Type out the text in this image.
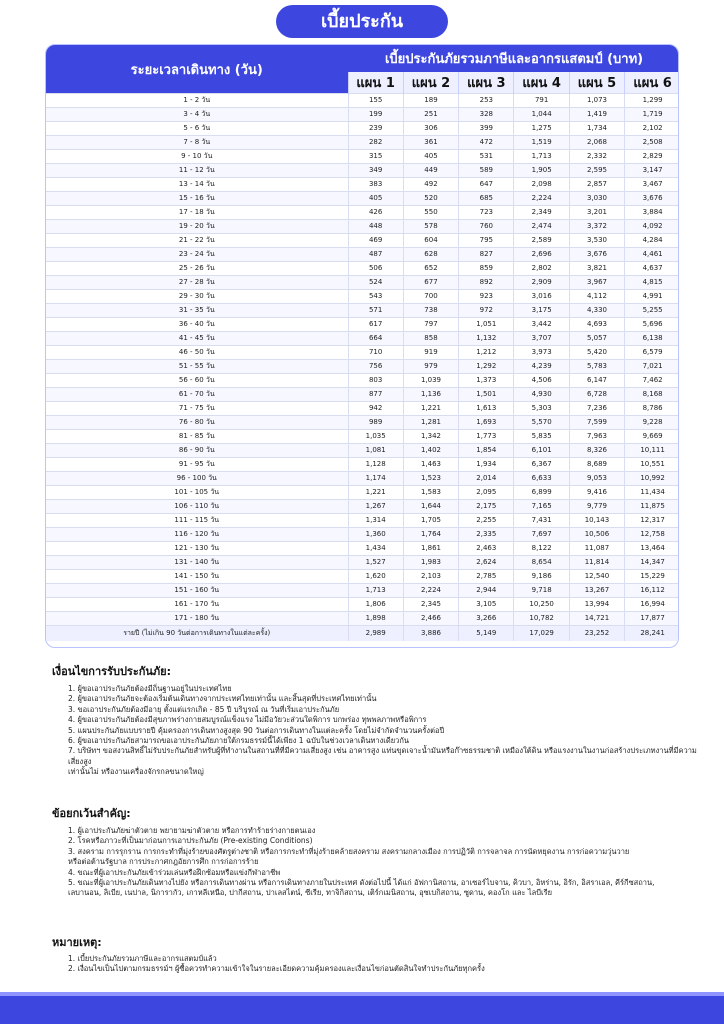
เบี้ยประกัน
ระยะเวลาเดินทาง (วัน)	เบี้ยประกันภัยรวมภาษีและอากรแสตมป์ (บาท)					
	แผน 1	แผน 2	แผน 3	แผน 4	แผน 5	แผน 6
1 - 2 วัน	155	189	253	791	1,073	1,299
3 - 4 วัน	199	251	328	1,044	1,419	1,719
5 - 6 วัน	239	306	399	1,275	1,734	2,102
7 - 8 วัน	282	361	472	1,519	2,068	2,508
9 - 10 วัน	315	405	531	1,713	2,332	2,829
11 - 12 วัน	349	449	589	1,905	2,595	3,147
13 - 14 วัน	383	492	647	2,098	2,857	3,467
15 - 16 วัน	405	520	685	2,224	3,030	3,676
17 - 18 วัน	426	550	723	2,349	3,201	3,884
19 - 20 วัน	448	578	760	2,474	3,372	4,092
21 - 22 วัน	469	604	795	2,589	3,530	4,284
23 - 24 วัน	487	628	827	2,696	3,676	4,461
25 - 26 วัน	506	652	859	2,802	3,821	4,637
27 - 28 วัน	524	677	892	2,909	3,967	4,815
29 - 30 วัน	543	700	923	3,016	4,112	4,991
31 - 35 วัน	571	738	972	3,175	4,330	5,255
36 - 40 วัน	617	797	1,051	3,442	4,693	5,696
41 - 45 วัน	664	858	1,132	3,707	5,057	6,138
46 - 50 วัน	710	919	1,212	3,973	5,420	6,579
51 - 55 วัน	756	979	1,292	4,239	5,783	7,021
56 - 60 วัน	803	1,039	1,373	4,506	6,147	7,462
61 - 70 วัน	877	1,136	1,501	4,930	6,728	8,168
71 - 75 วัน	942	1,221	1,613	5,303	7,236	8,786
76 - 80 วัน	989	1,281	1,693	5,570	7,599	9,228
81 - 85 วัน	1,035	1,342	1,773	5,835	7,963	9,669
86 - 90 วัน	1,081	1,402	1,854	6,101	8,326	10,111
91 - 95 วัน	1,128	1,463	1,934	6,367	8,689	10,551
96 - 100 วัน	1,174	1,523	2,014	6,633	9,053	10,992
101 - 105 วัน	1,221	1,583	2,095	6,899	9,416	11,434
106 - 110 วัน	1,267	1,644	2,175	7,165	9,779	11,875
111 - 115 วัน	1,314	1,705	2,255	7,431	10,143	12,317
116 - 120 วัน	1,360	1,764	2,335	7,697	10,506	12,758
121 - 130 วัน	1,434	1,861	2,463	8,122	11,087	13,464
131 - 140 วัน	1,527	1,983	2,624	8,654	11,814	14,347
141 - 150 วัน	1,620	2,103	2,785	9,186	12,540	15,229
151 - 160 วัน	1,713	2,224	2,944	9,718	13,267	16,112
161 - 170 วัน	1,806	2,345	3,105	10,250	13,994	16,994
171 - 180 วัน	1,898	2,466	3,266	10,782	14,721	17,877
รายปี (ไม่เกิน 90 วันต่อการเดินทางในแต่ละครั้ง)	2,989	3,886	5,149	17,029	23,252	28,241
เงื่อนไขการรับประกันภัย:
1. ผู้ขอเอาประกันภัยต้องมีถิ่นฐานอยู่ในประเทศไทย
2. ผู้ขอเอาประกันภัยจะต้องเริ่มต้นเดินทางจากประเทศไทยเท่านั้น และสิ้นสุดที่ประเทศไทยเท่านั้น
3. ขอเอาประกันภัยต้องมีอายุ ตั้งแต่แรกเกิด - 85 ปี บริบูรณ์ ณ วันที่เริ่มเอาประกันภัย
4. ผู้ขอเอาประกันภัยต้องมีสุขภาพร่างกายสมบูรณ์แข็งแรง ไม่มีอวัยวะส่วนใดพิการ บกพร่อง ทุพพลภาพหรือพิการ
5. แผนประกันภัยแบบรายปี คุ้มครองการเดินทางสูงสุด 90 วันต่อการเดินทางในแต่ละครั้ง โดยไม่จำกัดจำนวนครั้งต่อปี
6. ผู้ขอเอาประกันภัยสามารถขอเอาประกันภัยภายใต้กรมธรรม์นี้ได้เพียง 1 ฉบับในช่วงเวลาเดินทางเดียวกัน
7. บริษัทฯ ขอสงวนสิทธิ์ไม่รับประกันภัยสำหรับผู้ที่ทำงานในสถานที่ที่มีความเสี่ยงสูง เช่น อาคารสูง แท่นขุดเจาะน้ำมันหรือก๊าซธรรมชาติ เหมืองใต้ดิน หรือแรงงานในงานก่อสร้างประเภทงานที่มีความเสี่ยงสูง
เท่านั้นไม่ หรืองานเครื่องจักรกลขนาดใหญ่
ข้อยกเว้นสำคัญ:
1. ผู้เอาประกันภัยฆ่าตัวตาย พยายามฆ่าตัวตาย หรือการทำร้ายร่างกายตนเอง
2. โรคหรือภาวะที่เป็นมาก่อนการเอาประกันภัย (Pre-existing Conditions)
3. สงคราม การรุกราน การกระทำที่มุ่งร้ายของศัตรูต่างชาติ หรือการกระทำที่มุ่งร้ายคล้ายสงคราม สงครามกลางเมือง การปฏิวัติ การจลาจล การนัดหยุดงาน การก่อความวุ่นวาย
หรือต่อต้านรัฐบาล การประกาศกฎอัยการศึก การก่อการร้าย
4. ขณะที่ผู้เอาประกันภัยเข้าร่วมเล่นหรือฝึกซ้อมหรือแข่งกีฬาอาชีพ
5. ขณะที่ผู้เอาประกันภัยเดินทางไปยัง หรือการเดินทางผ่าน หรือการเดินทางภายในประเทศ ดังต่อไปนี้ ได้แก่ อัฟกานิสถาน, อาเซอร์ไบจาน, คิวบา, อิหร่าน, อิรัก, อิสราเอล, คีร์กีซสถาน,
เลบานอน, ลิเบีย, เนปาล, นิการากัว, เกาหลีเหนือ, ปากีสถาน, ปาเลสไตน์, ซีเรีย, ทาจิกิสถาน, เติร์กเมนิสถาน, อุซเบกิสถาน, ซูดาน, คองโก และ ไลบีเรีย
หมายเหตุ:
1. เบี้ยประกันภัยรวมภาษีและอากรแสตมป์แล้ว
2. เงื่อนไขเป็นไปตามกรมธรรม์ฯ ผู้ซื้อควรทำความเข้าใจในรายละเอียดความคุ้มครองและเงื่อนไขก่อนตัดสินใจทำประกันภัยทุกครั้ง
